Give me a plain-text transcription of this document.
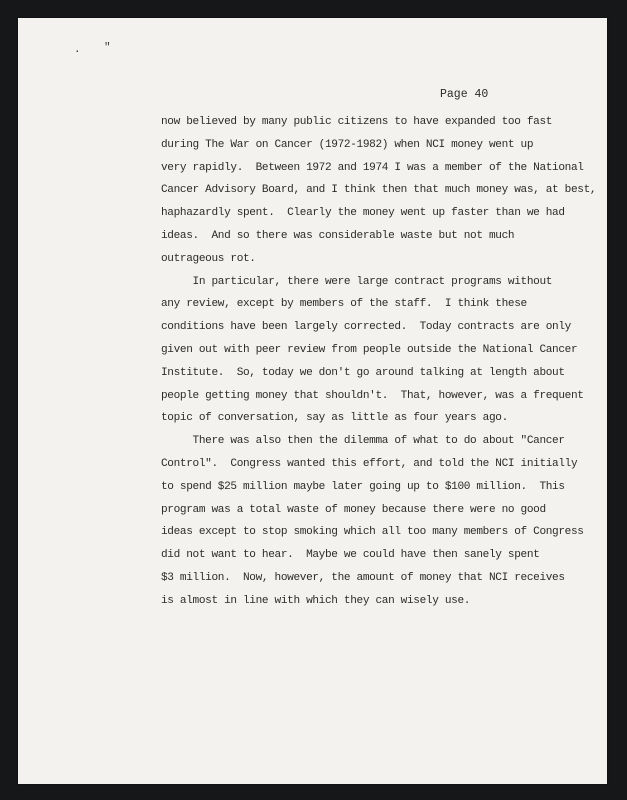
. "
Page 40
now believed by many public citizens to have expanded too fast
during The War on Cancer (1972-1982) when NCI money went up
very rapidly.  Between 1972 and 1974 I was a member of the National
Cancer Advisory Board, and I think then that much money was, at best,
haphazardly spent.  Clearly the money went up faster than we had
ideas.  And so there was considerable waste but not much
outrageous rot.
In particular, there were large contract programs without
any review, except by members of the staff.  I think these
conditions have been largely corrected.  Today contracts are only
given out with peer review from people outside the National Cancer
Institute.  So, today we don't go around talking at length about
people getting money that shouldn't.  That, however, was a frequent
topic of conversation, say as little as four years ago.
There was also then the dilemma of what to do about "Cancer
Control".  Congress wanted this effort, and told the NCI initially
to spend $25 million maybe later going up to $100 million.  This
program was a total waste of money because there were no good
ideas except to stop smoking which all too many members of Congress
did not want to hear.  Maybe we could have then sanely spent
$3 million.  Now, however, the amount of money that NCI receives
is almost in line with which they can wisely use.
